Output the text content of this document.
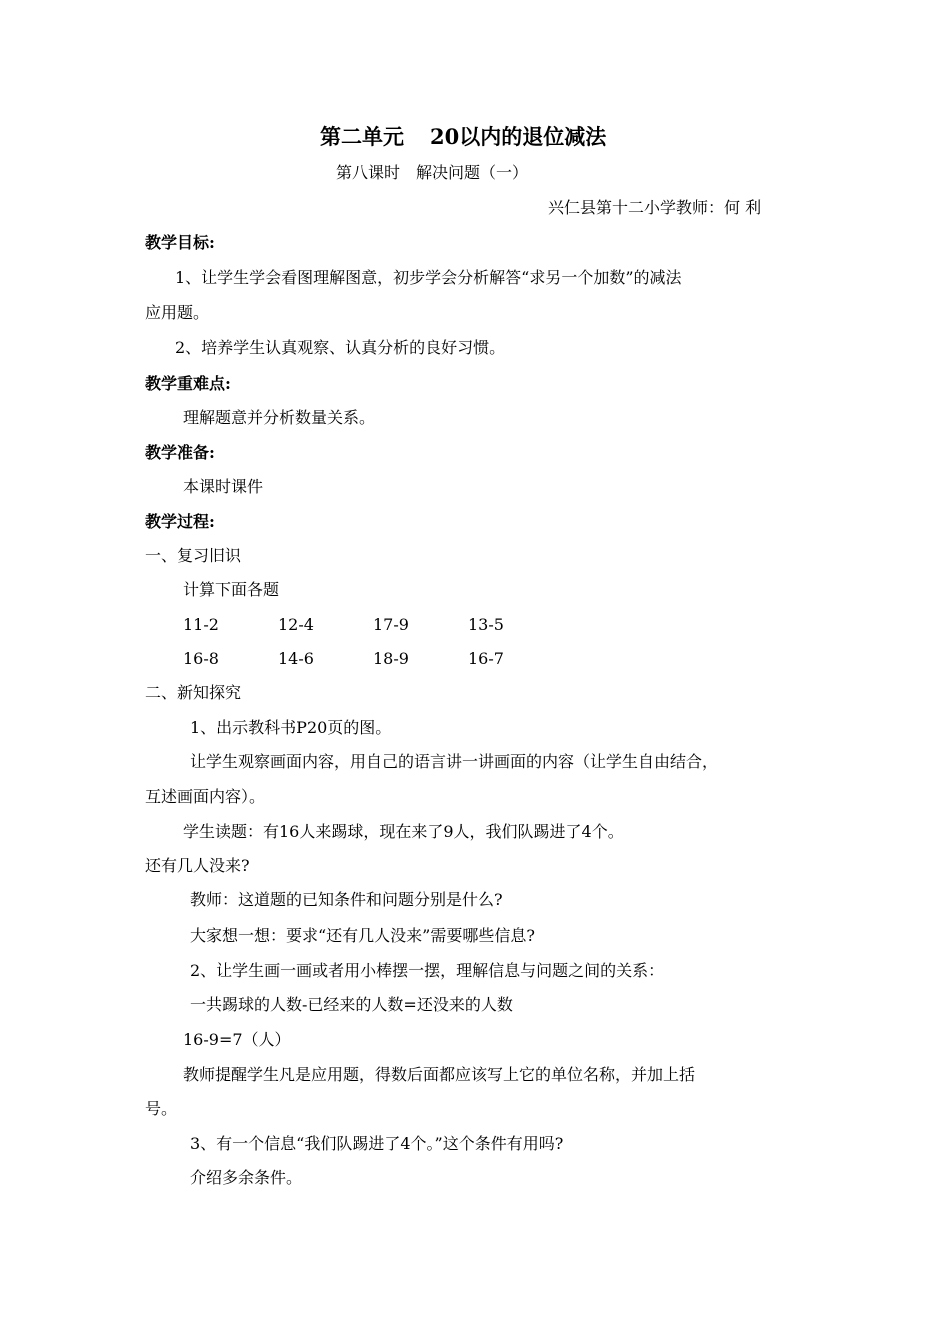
第二单元 20以内的退位减法
第八课时 解决问题（一）
兴仁县第十二小学教师：何 利
教学目标:
1、让学生学会看图理解图意，初步学会分析解答“求另一个加数”的减法
应用题。
2、培养学生认真观察、认真分析的良好习惯。
教学重难点:
理解题意并分析数量关系。
教学准备:
本课时课件
教学过程:
一、复习旧识
计算下面各题
11-2	12-4	17-9	13-5
16-8	14-6	18-9	16-7
二、新知探究
1、出示教科书P20页的图。
让学生观察画面内容，用自己的语言讲一讲画面的内容（让学生自由结合，
互述画面内容）。
学生读题：有16人来踢球，现在来了9人，我们队踢进了4个。
还有几人没来?
教师：这道题的已知条件和问题分别是什么?
大家想一想：要求“还有几人没来”需要哪些信息?
2、让学生画一画或者用小棒摆一摆，理解信息与问题之间的关系：
一共踢球的人数-已经来的人数=还没来的人数
16-9=7（人）
教师提醒学生凡是应用题，得数后面都应该写上它的单位名称，并加上括
号。
3、有一个信息“我们队踢进了4个。”这个条件有用吗?
介绍多余条件。
